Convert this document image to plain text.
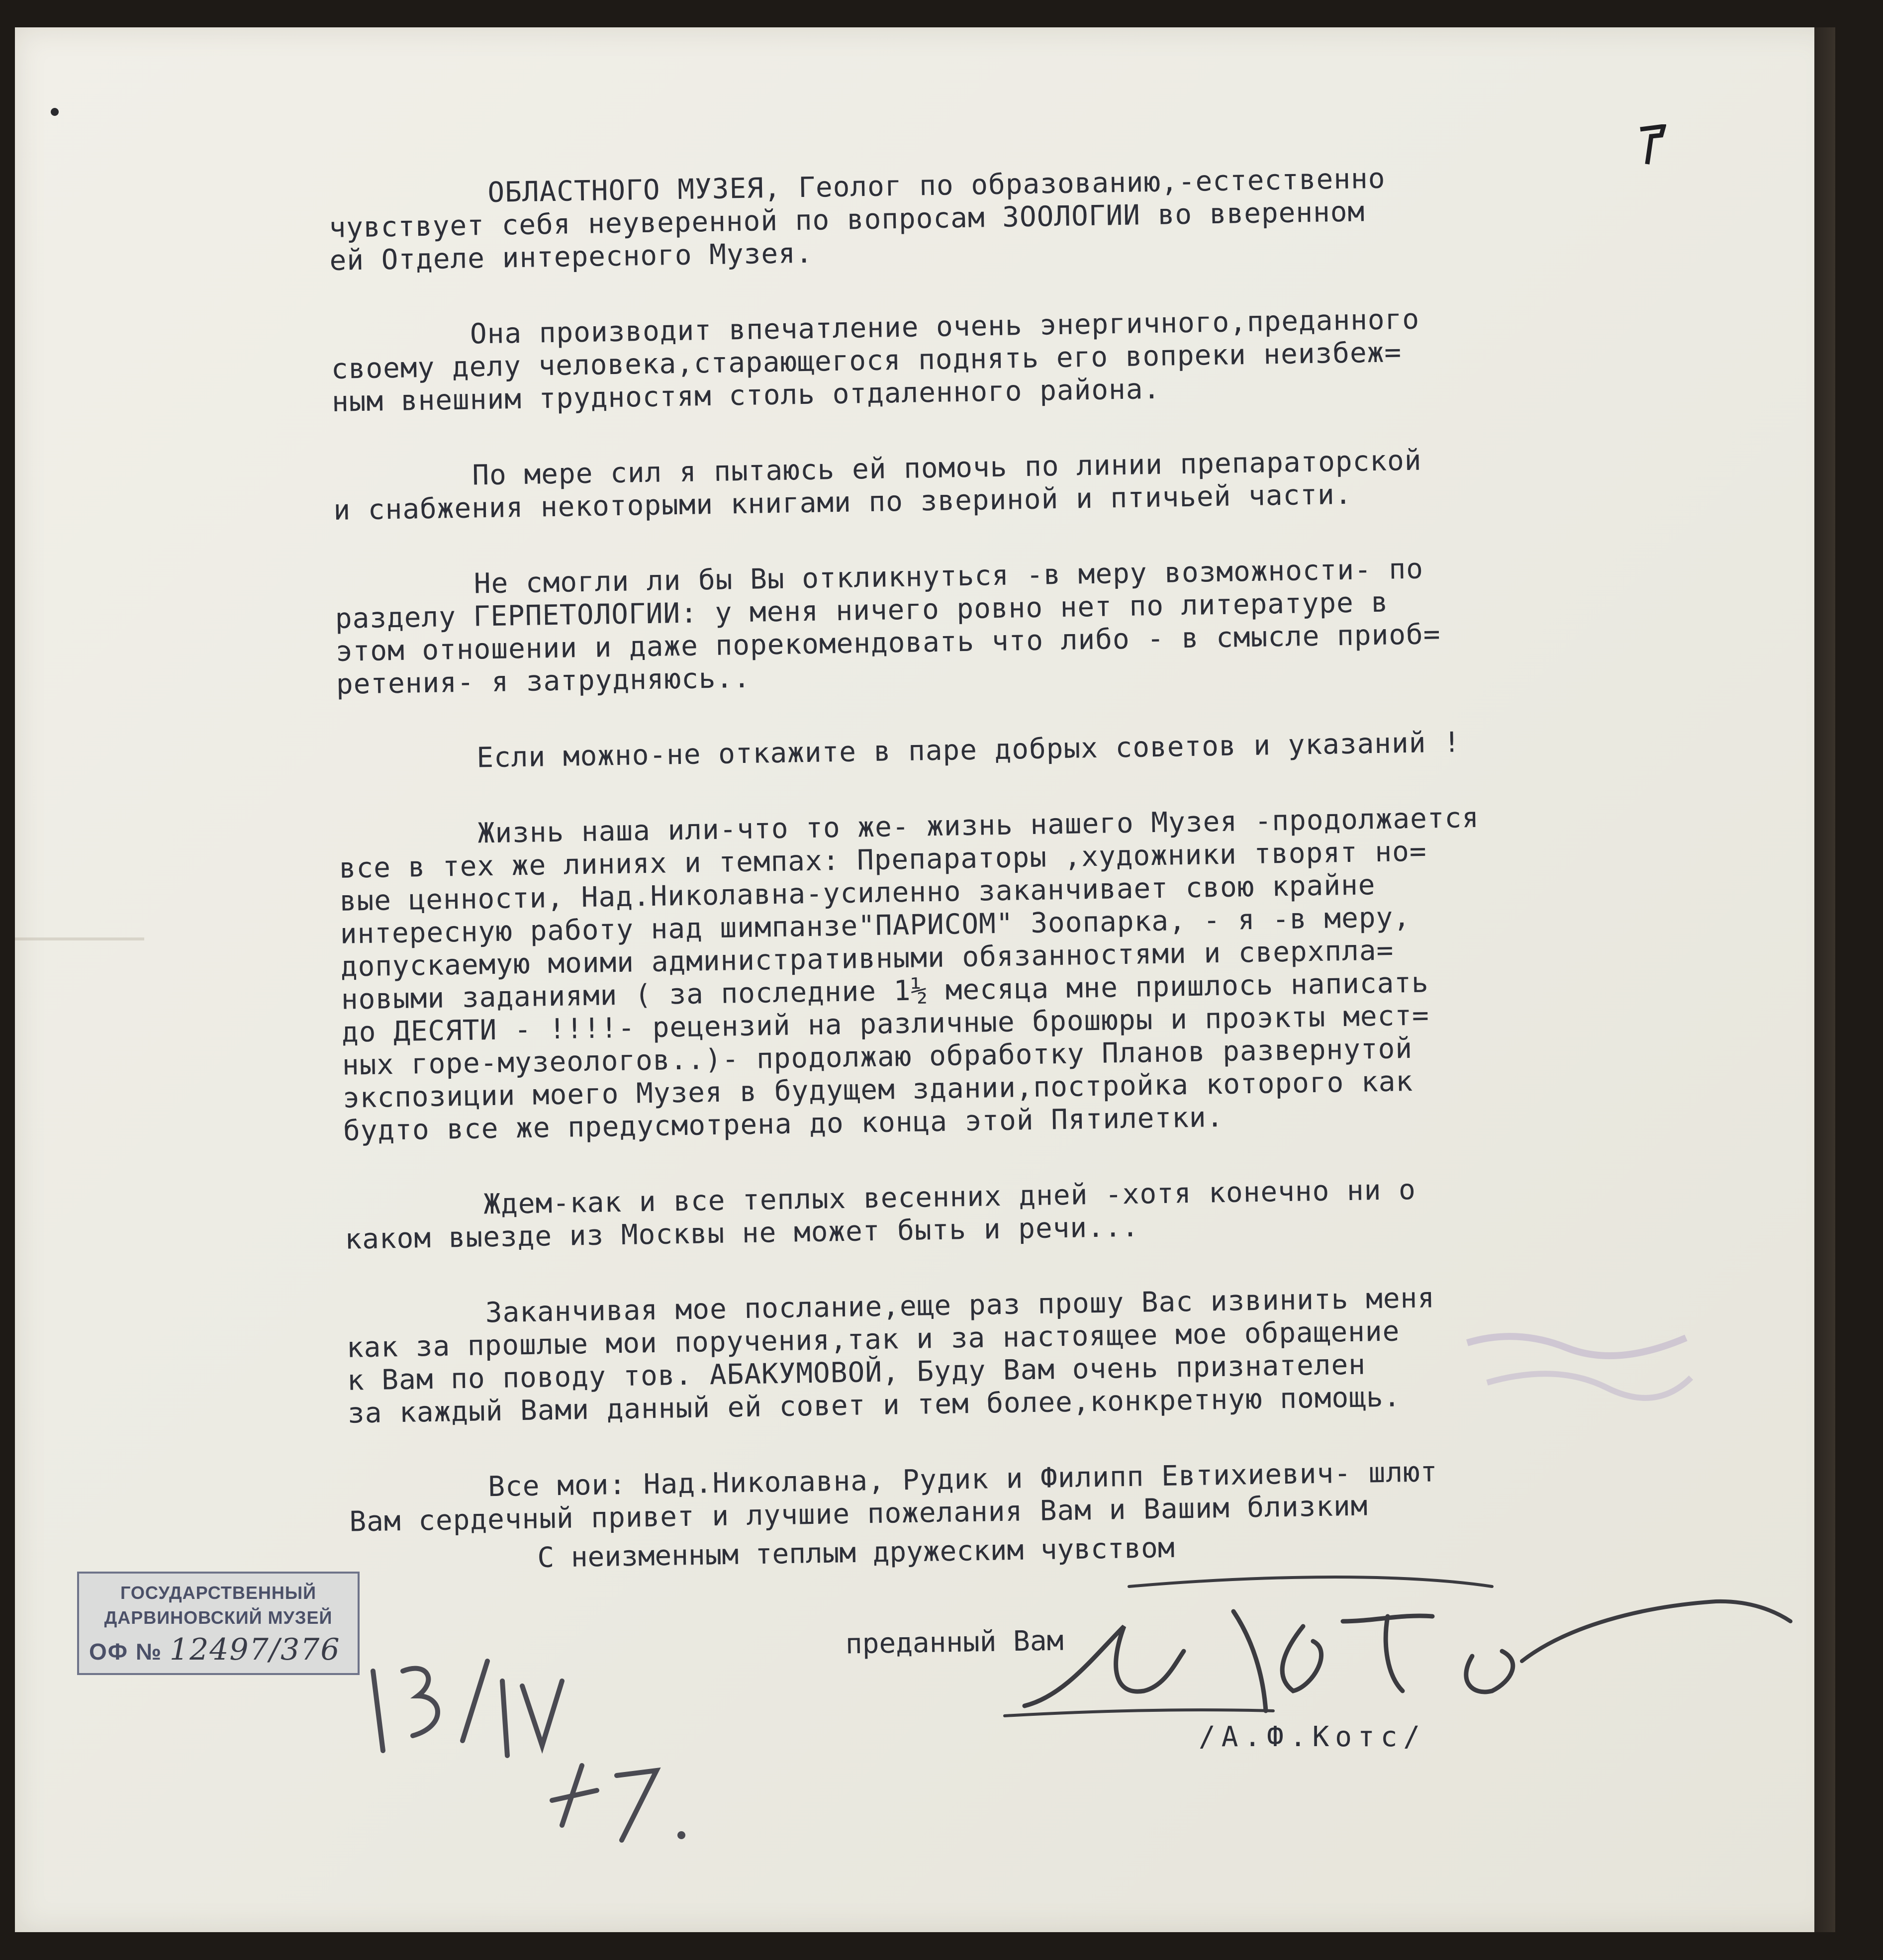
ОБЛАСТНОГО МУЗЕЯ, Геолог по образованию,-естественно
чувствует себя неуверенной по вопросам ЗООЛОГИИ во вверенном
ей Отделе интересного Музея.

Она производит впечатление очень энергичного,преданного
своему делу человека,старающегося поднять его вопреки неизбеж=
ным внешним трудностям столь отдаленного района.

По мере сил я пытаюсь ей помочь по линии препараторской
и снабжения некоторыми книгами по звериной и птичьей части.

Не смогли ли бы Вы откликнуться -в меру возможности- по
разделу ГЕРПЕТОЛОГИИ: у меня ничего ровно нет по литературе в
этом отношении и даже порекомендовать что либо - в смысле приоб=
ретения- я затрудняюсь..

Если можно-не откажите в паре добрых советов и указаний !

Жизнь наша или-что то же- жизнь нашего Музея -продолжается
все в тех же линиях и темпах: Препараторы ,художники творят но=
вые ценности, Над.Николавна-усиленно заканчивает свою крайне
интересную работу над шимпанзе"ПАРИСОМ" Зоопарка, - я -в меру,
допускаемую моими административными обязанностями и сверхпла=
новыми заданиями ( за последние 1½ месяца мне пришлось написать
до ДЕСЯТИ - !!!!- рецензий на различные брошюры и проэкты мест=
ных горе-музеологов..)- продолжаю обработку Планов развернутой
экспозиции моего Музея в будущем здании,постройка которого как
будто все же предусмотрена до конца этой Пятилетки.

Ждем-как и все теплых весенних дней -хотя конечно ни о
каком выезде из Москвы не может быть и речи...

Заканчивая мое послание,еще раз прошу Вас извинить меня
как за прошлые мои поручения,так и за настоящее мое обращение
к Вам по поводу тов. АБАКУМОВОЙ, Буду Вам очень признателен
за каждый Вами данный ей совет и тем более,конкретную помощь.

Все мои: Над.Николавна, Рудик и Филипп Евтихиевич- шлют
Вам сердечный привет и лучшие пожелания Вам и Вашим близким

С неизменным теплым дружеским чувством
преданный Вам
/А.Ф.Котс/
ГОСУДАРСТВЕННЫЙ
ДАРВИНОВСКИЙ МУЗЕЙ
ОФ № 12497/376
